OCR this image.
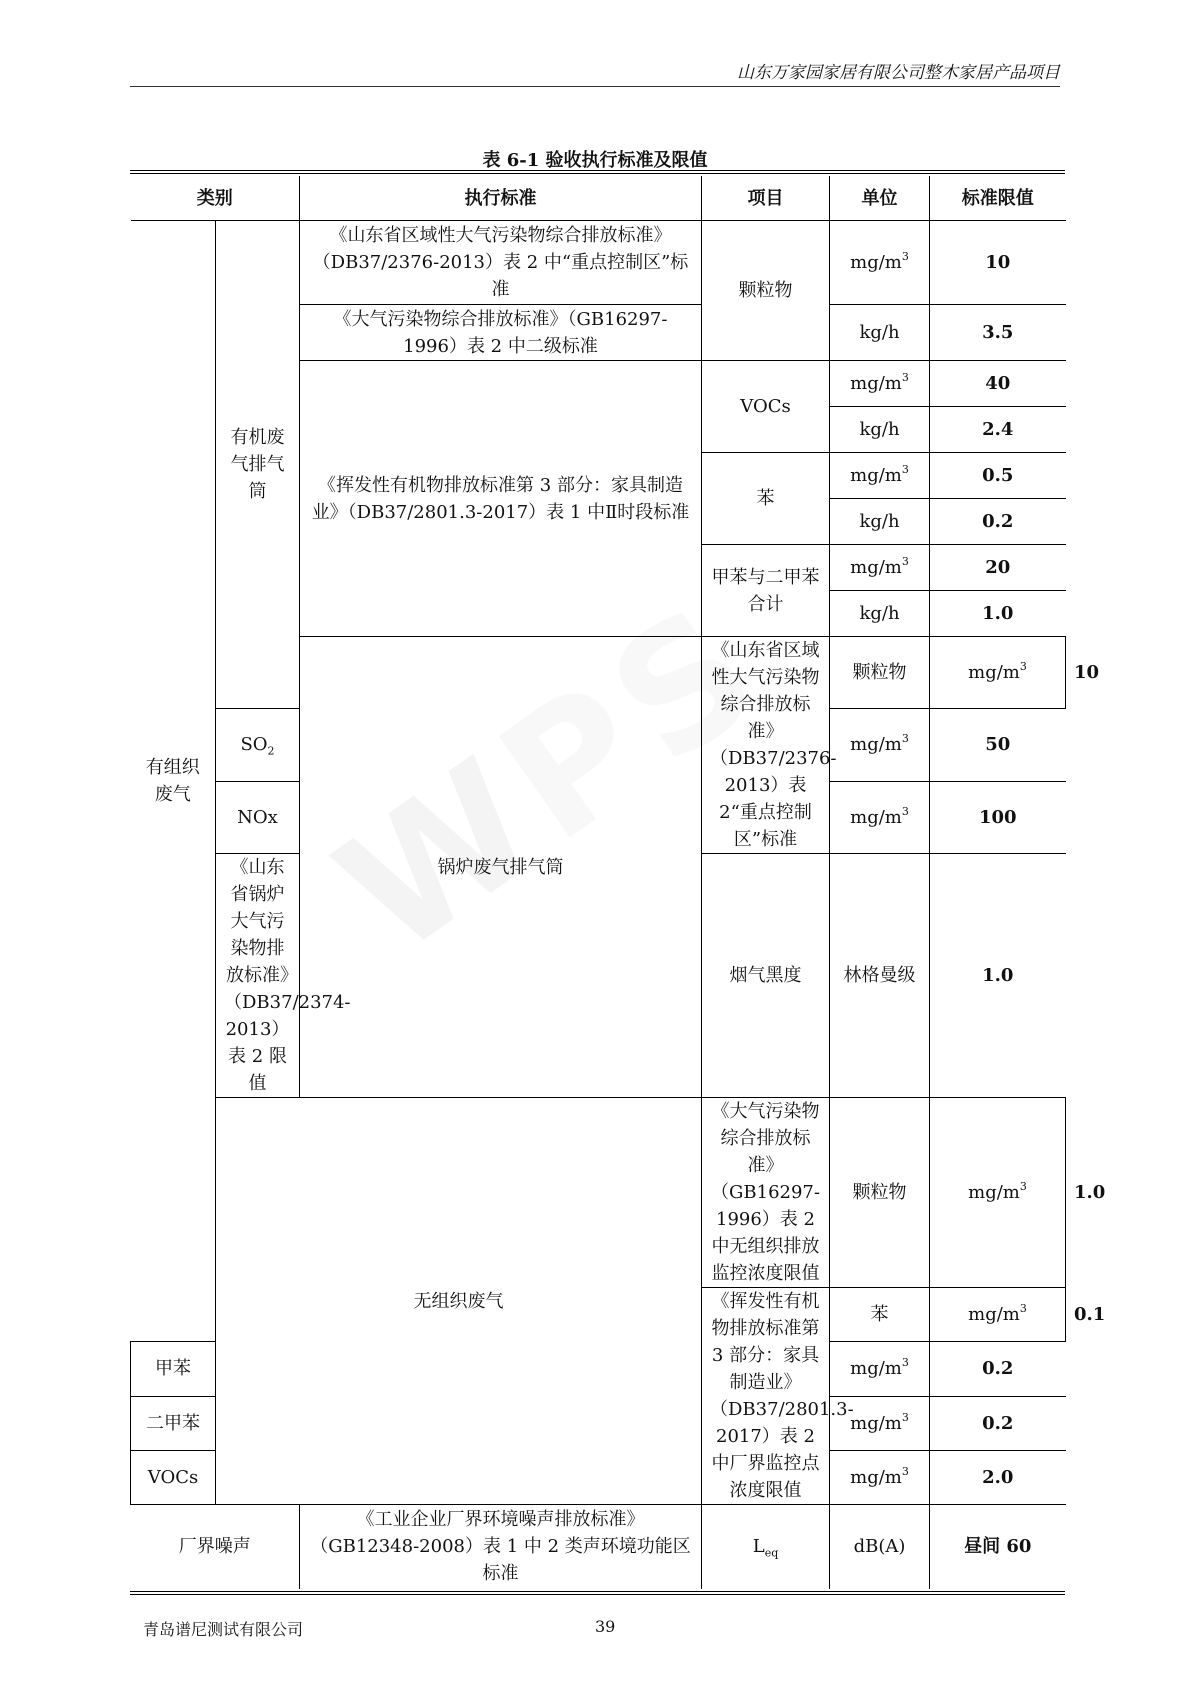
山东万家园家居有限公司整木家居产品项目
表 6-1 验收执行标准及限值
类别		执行标准	项目	单位	标准限值	
有组织废气	有机废气排气筒	《山东省区域性大气污染物综合排放标准》（DB37/2376-2013）表 2 中“重点控制区”标准	颗粒物	$mg/m^3$	10	
		《大气污染物综合排放标准》（GB16297-1996）表 2 中二级标准		kg/h	3.5	
		《挥发性有机物排放标准第 3 部分：家具制造业》（DB37/2801.3-2017）表 1 中Ⅱ时段标准	VOCs	$mg/m^3$	40	
				kg/h	2.4	
			苯	$mg/m^3$	0.5	
				kg/h	0.2	
			甲苯与二甲苯合计	$mg/m^3$	20	
				kg/h	1.0	
		锅炉废气排气筒	《山东省区域性大气污染物综合排放标准》（DB37/2376-2013）表 2“重点控制区”标准	颗粒物	$mg/m^3$	10
	$SO_2$			$mg/m^3$	50	
	NOx			$mg/m^3$	100	
	《山东省锅炉大气污染物排放标准》（DB37/2374-2013）表 2 限值		烟气黑度	林格曼级	1.0	
	无组织废气		《大气污染物综合排放标准》（GB16297-1996）表 2 中无组织排放监控浓度限值	颗粒物	$mg/m^3$	1.0
			《挥发性有机物排放标准第 3 部分：家具制造业》（DB37/2801.3-2017）表 2 中厂界监控点浓度限值	苯	$mg/m^3$	0.1
甲苯				$mg/m^3$	0.2	
二甲苯				$mg/m^3$	0.2	
VOCs				$mg/m^3$	2.0	
厂界噪声		《工业企业厂界环境噪声排放标准》（GB12348-2008）表 1 中 2 类声环境功能区标准	$L_{eq}$	dB(A)	昼间 60	
青岛谱尼测试有限公司	39
